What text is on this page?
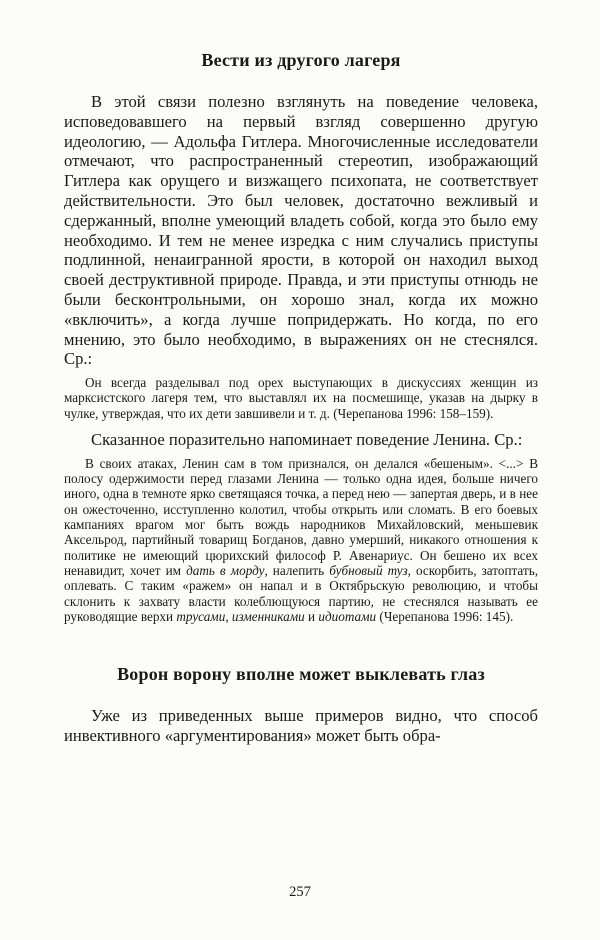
Вести из другого лагеря

В этой связи полезно взглянуть на поведение человека, исповедовавшего на первый взгляд совершенно другую идеологию, — Адольфа Гитлера. Многочисленные исследователи отмечают, что распространенный стереотип, изображающий Гитлера как орущего и визжащего психопата, не соответствует действительности. Это был человек, достаточно вежливый и сдержанный, вполне умеющий владеть собой, когда это было ему необходимо. И тем не менее изредка с ним случались приступы подлинной, ненаигранной ярости, в которой он находил выход своей деструктивной природе. Правда, и эти приступы отнюдь не были бесконтрольными, он хорошо знал, когда их можно «включить», а когда лучше попридержать. Но когда, по его мнению, это было необходимо, в выражениях он не стеснялся. Ср.:

Он всегда разделывал под орех выступающих в дискуссиях женщин из марксистского лагеря тем, что выставлял их на посмешище, указав на дырку в чулке, утверждая, что их дети завшивели и т. д. (Черепанова 1996: 158–159).

Сказанное поразительно напоминает поведение Ленина. Ср.:

В своих атаках, Ленин сам в том признался, он делался «бешеным». <...> В полосу одержимости перед глазами Ленина — только одна идея, больше ничего иного, одна в темноте ярко светящаяся точка, а перед нею — запертая дверь, и в нее он ожесточенно, исступленно колотил, чтобы открыть или сломать. В его боевых кампаниях врагом мог быть вождь народников Михайловский, меньшевик Аксельрод, партийный товарищ Богданов, давно умерший, никакого отношения к политике не имеющий цюрихский философ Р. Авенариус. Он бешено их всех ненавидит, хочет им дать в морду, налепить бубновый туз, оскорбить, затоптать, оплевать. С таким «ражем» он напал и в Октябрьскую революцию, и чтобы склонить к захвату власти колеблющуюся партию, не стеснялся называть ее руководящие верхи трусами, изменниками и идиотами (Черепанова 1996: 145).

Ворон ворону вполне может выклевать глаз

Уже из приведенных выше примеров видно, что способ инвективного «аргументирования» может быть обра-

257
